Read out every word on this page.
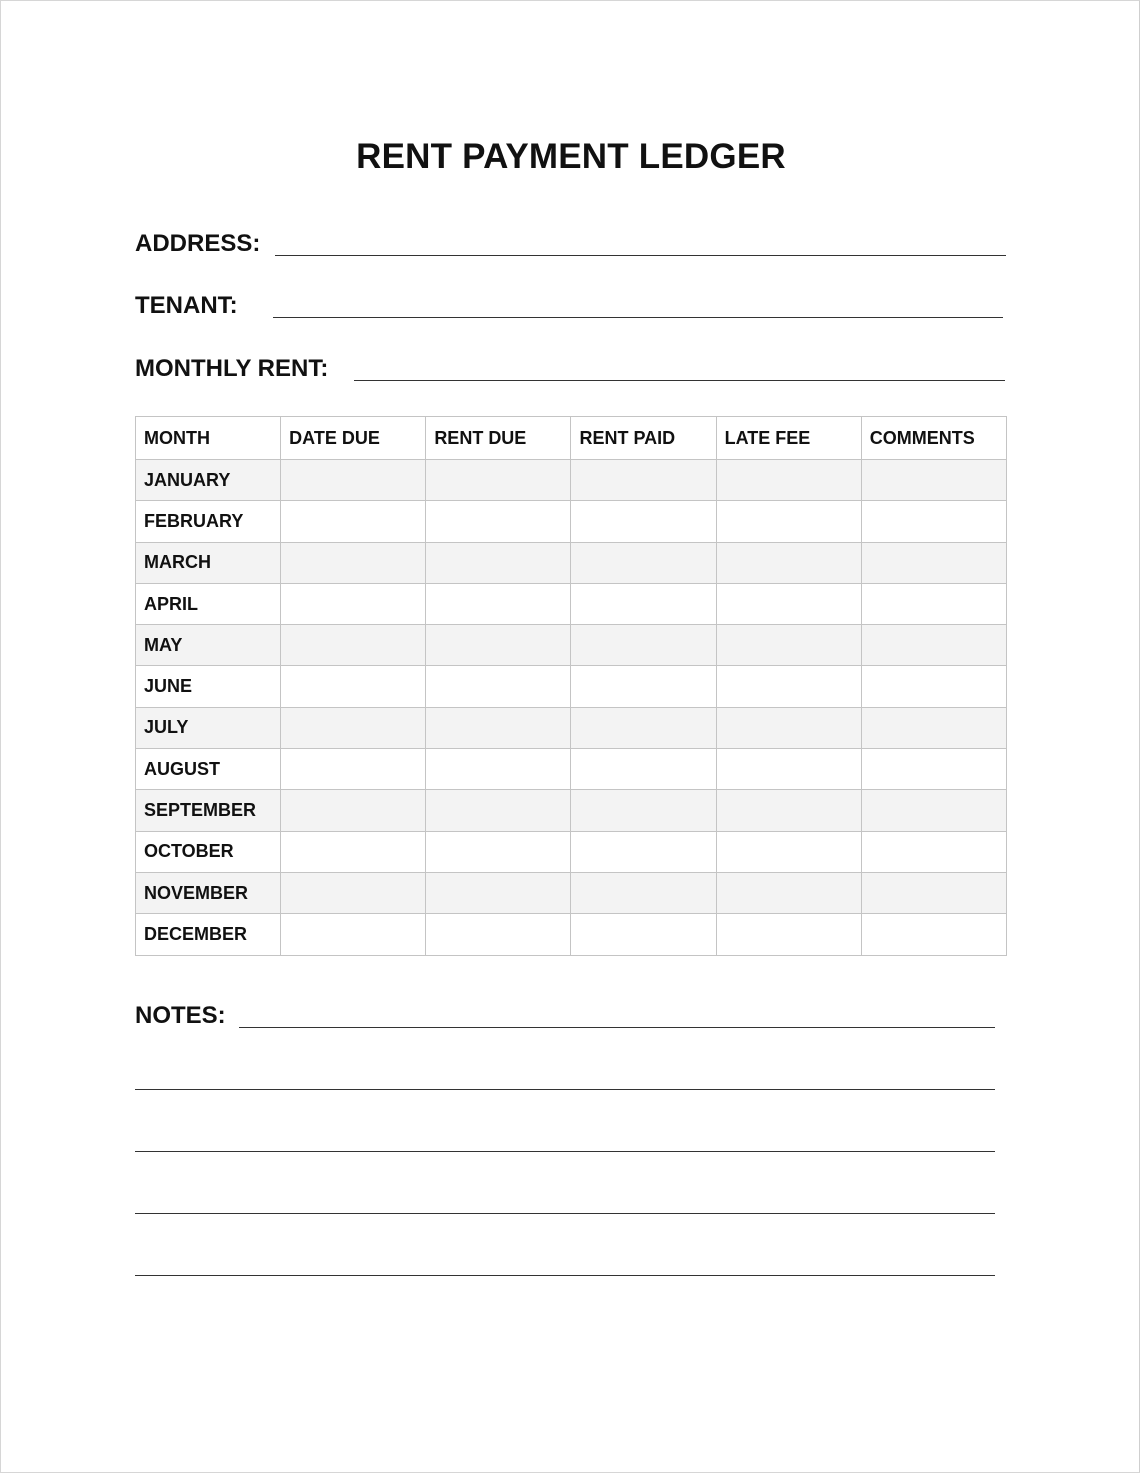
RENT PAYMENT LEDGER
ADDRESS:
TENANT:
MONTHLY RENT:
MONTH	DATE DUE	RENT DUE	RENT PAID	LATE FEE	COMMENTS
JANUARY					
FEBRUARY					
MARCH					
APRIL					
MAY					
JUNE					
JULY					
AUGUST					
SEPTEMBER					
OCTOBER					
NOVEMBER					
DECEMBER					
NOTES:
